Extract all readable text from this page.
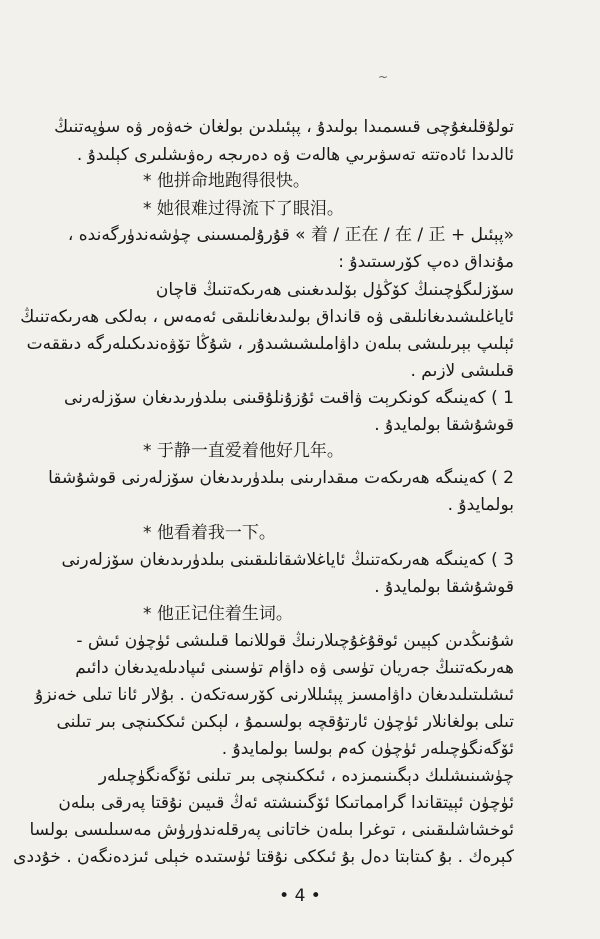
~
تولۇقلىغۇچى قىسمىدا بولىدۇ ، پېئىلدىن بولغان خەۋەر ۋە سۈپەتنىڭ
ئالدىدا ئادەتتە تەسۋىرىي ھالەت ۋە دەرىجە رەۋىشلىرى كېلىدۇ .
* 他拼命地跑得很快。
* 她很难过得流下了眼泪。
«پېئىل + 着 / 正在 / 在 / 正 » قۇرۇلمىسىنى چۈشەندۈرگەندە ،
مۇنداق دەپ كۆرسىتىدۇ :
سۆزلىگۈچىنىڭ كۆڭۈل بۆلىدىغىنى ھەرىكەتنىڭ قاچان
ئاياغلىشىدىغانلىقى ۋە قانداق بولىدىغانلىقى ئەمەس ، بەلكى ھەرىكەتنىڭ
ئېلىپ بېرىلىشى بىلەن داۋاملىشىشىدۇر ، شۇڭا تۆۋەندىكىلەرگە دىققەت
قىلىشى لازىم .
1 ) كەينىگە كونكرېت ۋاقىت ئۇزۇنلۇقىنى بىلدۈرىدىغان سۆزلەرنى
قوشۇشقا بولمايدۇ .
* 于静一直爱着他好几年。
2 ) كەينىگە ھەرىكەت مىقدارىنى بىلدۈرىدىغان سۆزلەرنى قوشۇشقا
بولمايدۇ .
* 他看着我一下。
3 ) كەينىگە ھەرىكەتنىڭ ئاياغلاشقانلىقىنى بىلدۈرىدىغان سۆزلەرنى
قوشۇشقا بولمايدۇ .
* 他正记住着生词。
شۇنىڭدىن كېيىن ئوقۇغۇچىلارنىڭ قوللانما قىلىشى ئۈچۈن ئىش -
ھەرىكەتنىڭ جەريان تۈسى ۋە داۋام تۈسىنى ئىپادىلەيدىغان دائىم
ئىشلىتىلىدىغان داۋامسىز پېئىللارنى كۆرسەتكەن . بۇلار ئانا تىلى خەنزۇ
تىلى بولغانلار ئۈچۈن ئارتۇقچە بولسىمۇ ، لېكىن ئىككىنچى بىر تىلنى
ئۆگەنگۈچىلەر ئۈچۈن كەم بولسا بولمايدۇ .
چۈشىنىشلىك دېگىنىمىزدە ، ئىككىنچى بىر تىلنى ئۆگەنگۈچىلەر
ئۈچۈن ئېيتقاندا گرامماتىكا ئۆگىنىشتە ئەڭ قىيىن نۇقتا پەرقى بىلەن
ئوخشاشلىقىنى ، توغرا بىلەن خاتانى پەرقلەندۈرۈش مەسىلىسى بولسا
كېرەك . بۇ كىتابتا دەل بۇ ئىككى نۇقتا ئۈستىدە خېلى ئىزدەنگەن . خۇددى
• 4 •
